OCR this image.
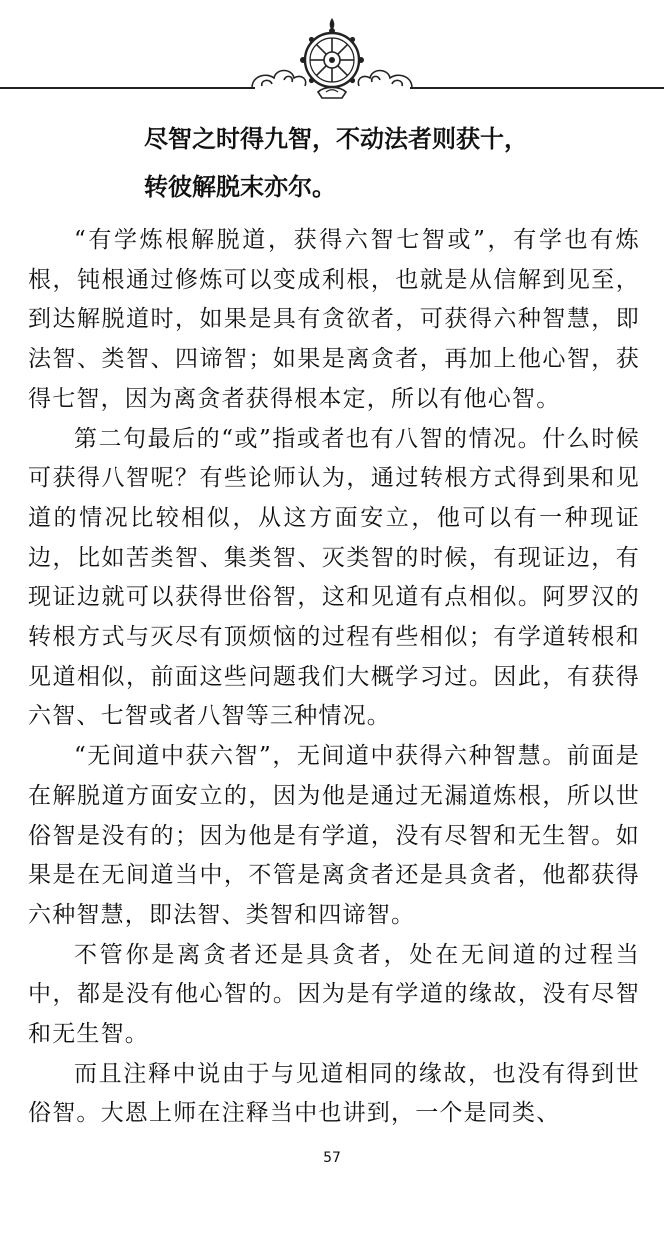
尽智之时得九智，不动法者则获十，

转彼解脱末亦尔。

“有学炼根解脱道，获得六智七智或”，有学也有炼根，钝根通过修炼可以变成利根，也就是从信解到见至，到达解脱道时，如果是具有贪欲者，可获得六种智慧，即法智、类智、四谛智；如果是离贪者，再加上他心智，获得七智，因为离贪者获得根本定，所以有他心智。

第二句最后的“或”指或者也有八智的情况。什么时候可获得八智呢？有些论师认为，通过转根方式得到果和见道的情况比较相似，从这方面安立，他可以有一种现证边，比如苦类智、集类智、灭类智的时候，有现证边，有现证边就可以获得世俗智，这和见道有点相似。阿罗汉的转根方式与灭尽有顶烦恼的过程有些相似；有学道转根和见道相似，前面这些问题我们大概学习过。因此，有获得六智、七智或者八智等三种情况。

“无间道中获六智”，无间道中获得六种智慧。前面是在解脱道方面安立的，因为他是通过无漏道炼根，所以世俗智是没有的；因为他是有学道，没有尽智和无生智。如果是在无间道当中，不管是离贪者还是具贪者，他都获得六种智慧，即法智、类智和四谛智。

不管你是离贪者还是具贪者，处在无间道的过程当中，都是没有他心智的。因为是有学道的缘故，没有尽智和无生智。

而且注释中说由于与见道相同的缘故，也没有得到世俗智。大恩上师在注释当中也讲到，一个是同类、

57
